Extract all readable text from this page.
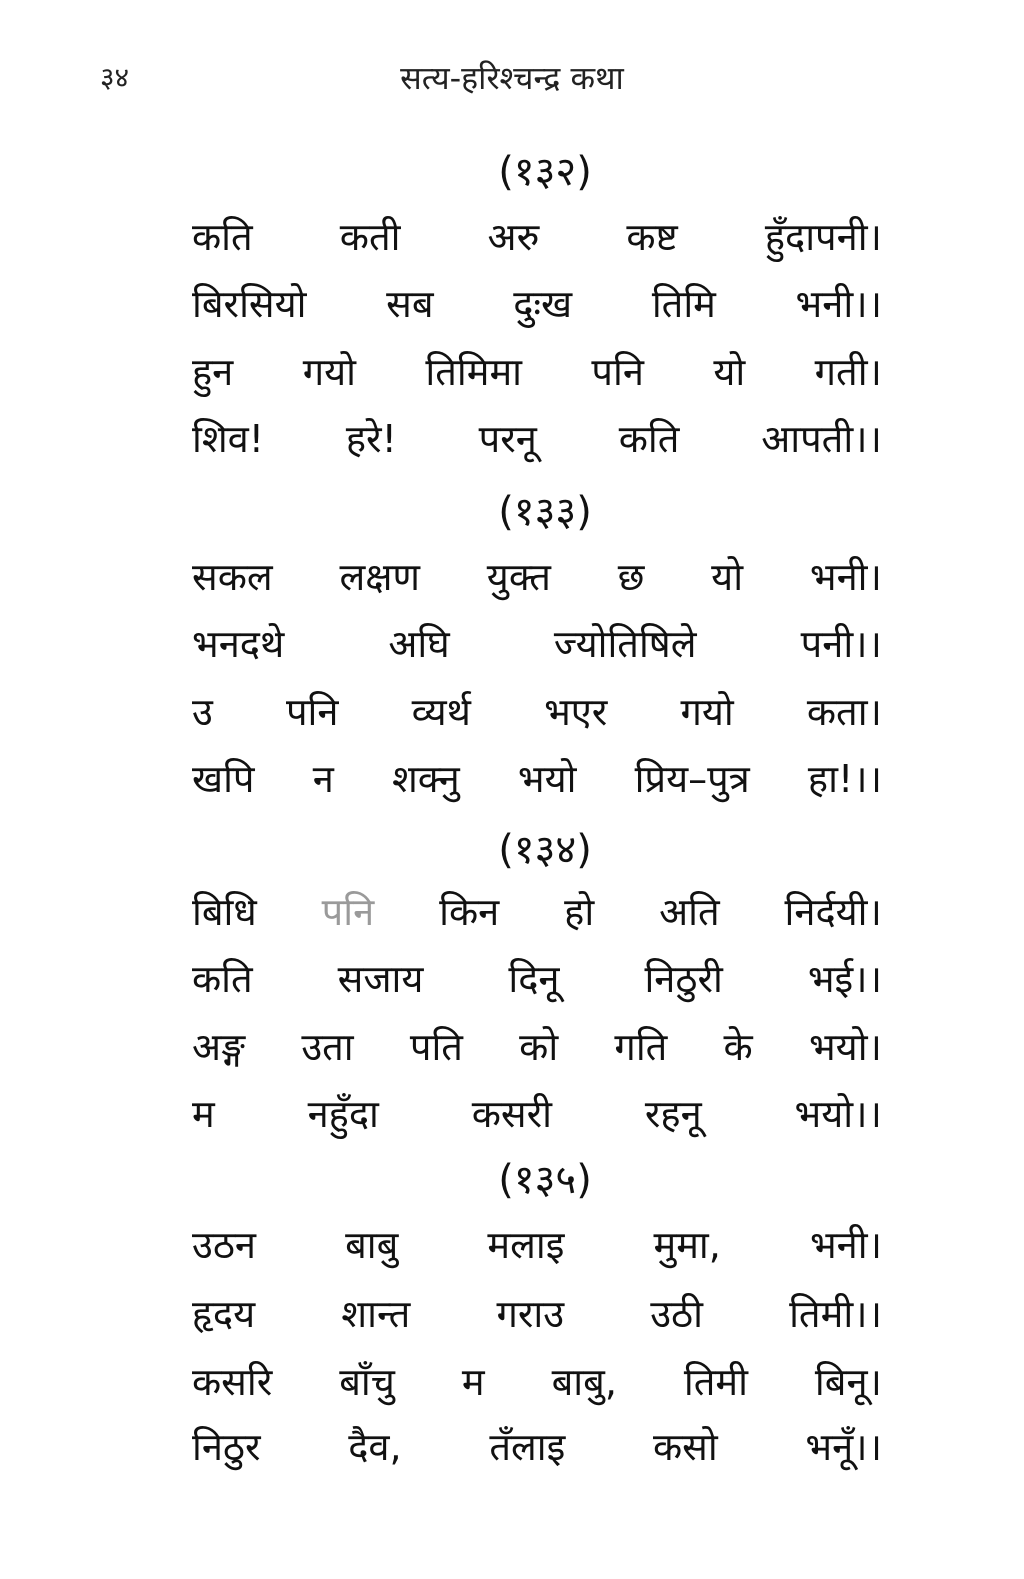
३४	सत्य-हरिश्चन्द्र कथा
(१३२)
कति कती अरु कष्ट हुँदापनी।
बिरसियो सब दुःख तिमि भनी।।
हुन गयो तिमिमा पनि यो गती।
शिव! हरे! परनू कति आपती।।
(१३३)
सकल लक्षण युक्त छ यो भनी।
भनदथे	अघि	ज्योतिषिले	पनी।।
उ पनि व्यर्थ भएर गयो कता।
खपि न शक्नु भयो प्रिय–पुत्र हा!।।
(१३४)
बिधि पनि किन हो अति निर्दयी।
कति सजाय दिनू निठुरी भई।।
अङ्ग उता पति को गति के भयो।
म नहुँदा कसरी रहनू भयो।।
(१३५)
उठन बाबु मलाइ मुमा, भनी।
हृदय शान्त गराउ उठी तिमी।।
कसरि बाँचु म बाबु, तिमी बिनू।
निठुर दैव, तँलाइ कसो भनूँ।।
